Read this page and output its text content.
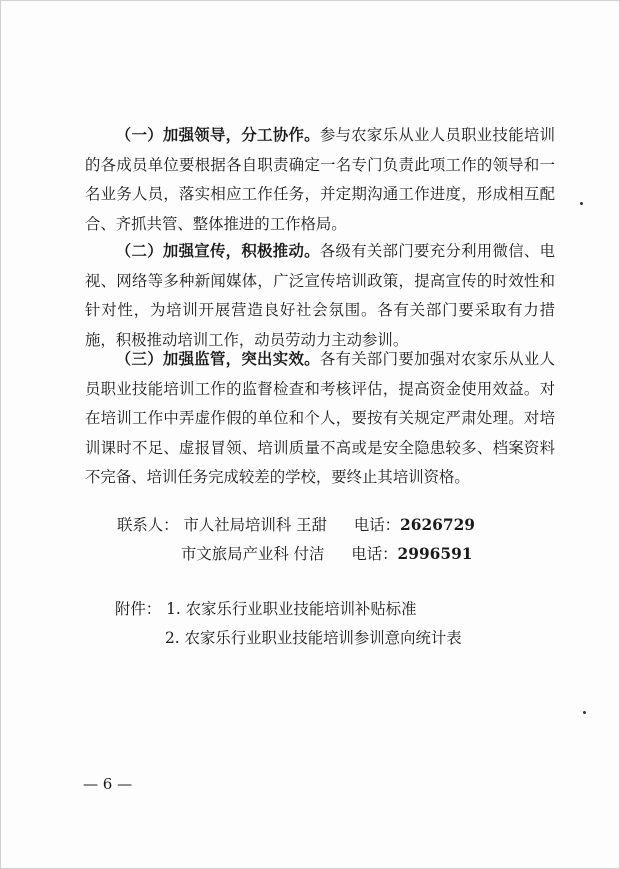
（一）加强领导，分工协作。参与农家乐从业人员职业技能培训的各成员单位要根据各自职责确定一名专门负责此项工作的领导和一名业务人员，落实相应工作任务，并定期沟通工作进度，形成相互配合、齐抓共管、整体推进的工作格局。

（二）加强宣传，积极推动。各级有关部门要充分利用微信、电视、网络等多种新闻媒体，广泛宣传培训政策，提高宣传的时效性和针对性，为培训开展营造良好社会氛围。各有关部门要采取有力措施，积极推动培训工作，动员劳动力主动参训。

（三）加强监管，突出实效。各有关部门要加强对农家乐从业人员职业技能培训工作的监督检查和考核评估，提高资金使用效益。对在培训工作中弄虚作假的单位和个人，要按有关规定严肃处理。对培训课时不足、虚报冒领、培训质量不高或是安全隐患较多、档案资料不完备、培训任务完成较差的学校，要终止其培训资格。

联系人： 市人社局培训科 王甜 电话：2626729
市文旅局产业科 付洁 电话：2996591
附件： 1. 农家乐行业职业技能培训补贴标准
2. 农家乐行业职业技能培训参训意向统计表
— 6 —
